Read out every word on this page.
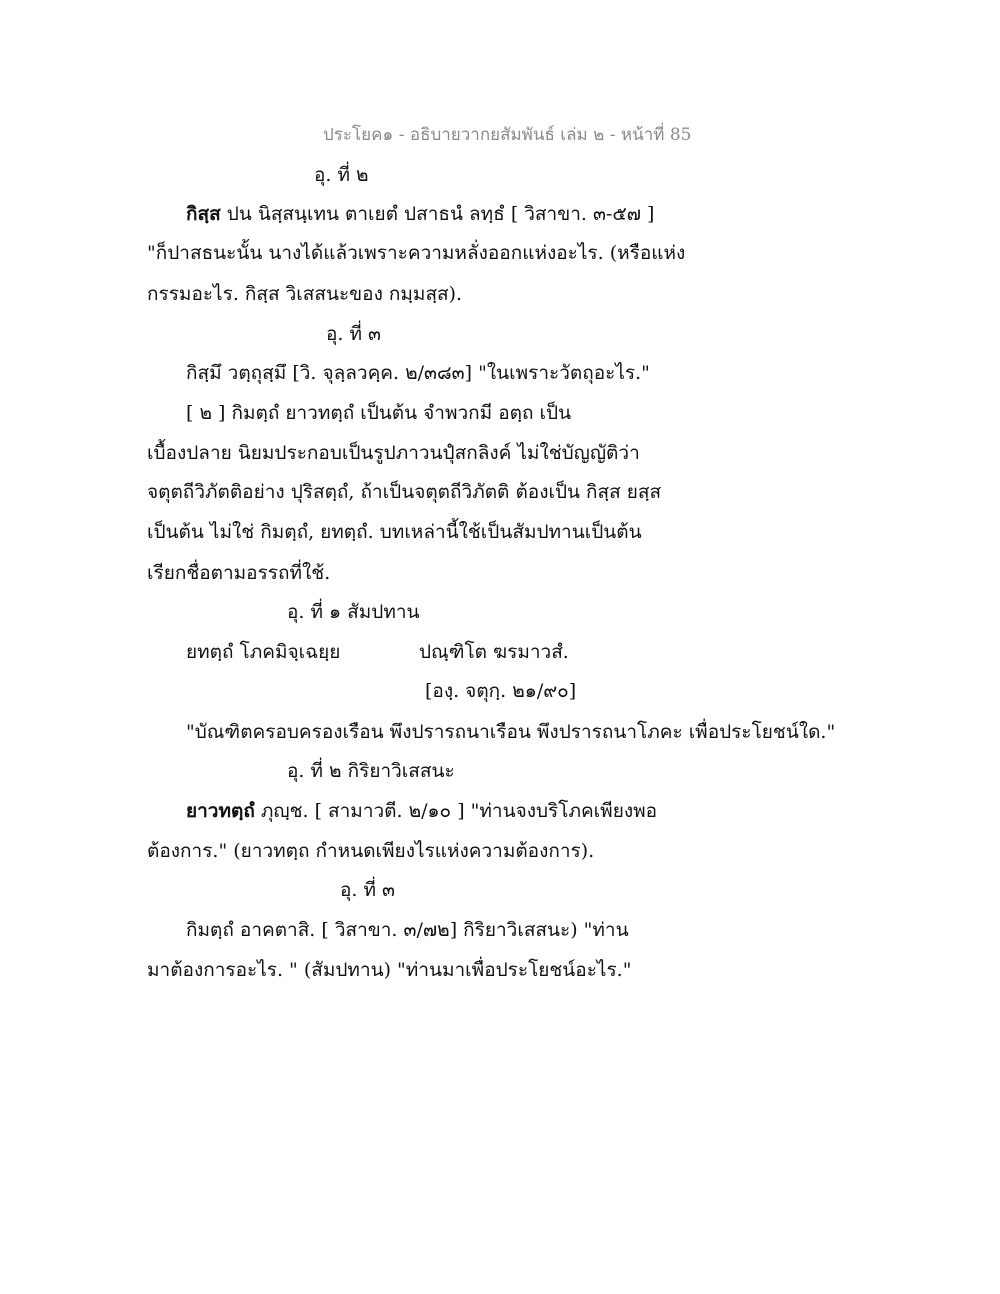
ประโยค๑ - อธิบายวากยสัมพันธ์ เล่ม ๒ - หน้าที่ 85
อุ. ที่ ๒
กิสฺส ปน นิสฺสนฺเทน ตาเยตํ ปสาธนํ ลทฺธํ [ วิสาขา. ๓-๕๗ ]
"ก็ปาสธนะนั้น นางได้แล้วเพราะความหลั่งออกแห่งอะไร. (หรือแห่ง
กรรมอะไร. กิสฺส วิเสสนะของ กมฺมสฺส).
อุ. ที่ ๓
กิสฺมึ วตฺถุสฺมึ [วิ. จุลฺลวคฺค. ๒/๓๘๓] "ในเพราะวัตถุอะไร."
[ ๒ ] กิมตฺถํ ยาวทตฺถํ เป็นต้น จำพวกมี อตฺถ เป็น
เบื้องปลาย นิยมประกอบเป็นรูปภาวนปุํสกลิงค์ ไม่ใช่บัญญัติว่า
จตุตถีวิภัตติอย่าง ปุริสตฺถํ, ถ้าเป็นจตุตถีวิภัตติ ต้องเป็น กิสฺส ยสฺส
เป็นต้น ไม่ใช่ กิมตฺถํ, ยทตฺถํ. บทเหล่านี้ใช้เป็นสัมปทานเป็นต้น
เรียกชื่อตามอรรถที่ใช้.
อุ. ที่ ๑ สัมปทาน
ยทตฺถํ โภคมิจฺเฉยฺย	ปณฺฑิโต ฆรมาวสํ.
[องฺ. จตุกฺ. ๒๑/๙๐]
"บัณฑิตครอบครองเรือน พึงปรารถนาเรือน พึงปรารถนาโภคะ เพื่อประโยชน์ใด."
อุ. ที่ ๒ กิริยาวิเสสนะ
ยาวทตฺถํ ภุญฺช. [ สามาวตี. ๒/๑๐ ] "ท่านจงบริโภคเพียงพอ
ต้องการ." (ยาวทตฺถ กำหนดเพียงไรแห่งความต้องการ).
อุ. ที่ ๓
กิมตฺถํ อาคตาสิ. [ วิสาขา. ๓/๗๒] กิริยาวิเสสนะ) "ท่าน
มาต้องการอะไร. " (สัมปทาน) "ท่านมาเพื่อประโยชน์อะไร."
